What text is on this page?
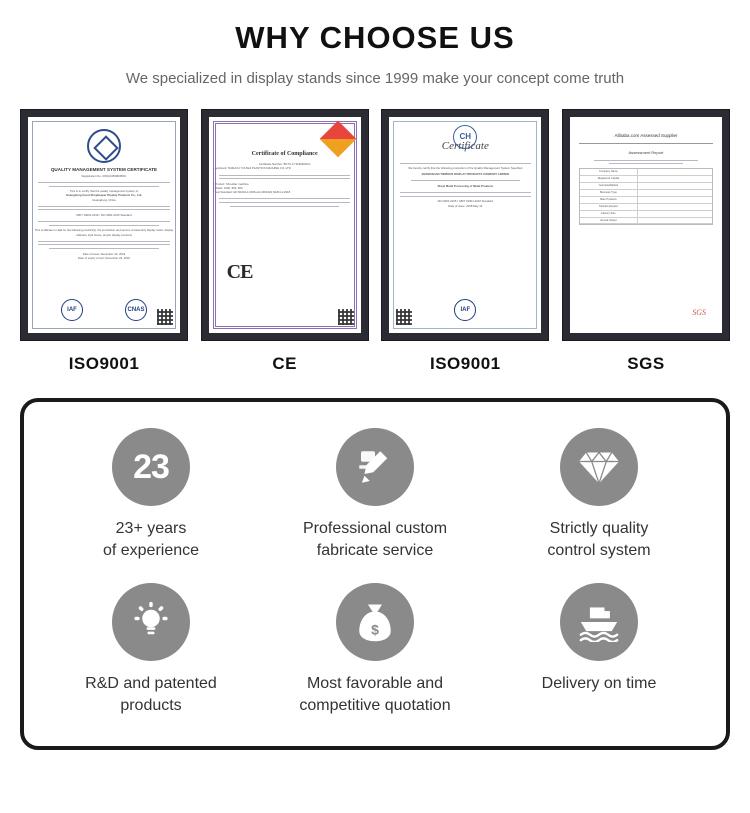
WHY CHOOSE US
We specialized in display stands since 1999 make your concept come truth
QUALITY MANAGEMENT SYSTEM CERTIFICATE
Registration No. 03SQ1450M0350C
This is to certify that the quality management system of
Guangdong Good Shopkeeper Display Products Co., Ltd.
Guangdong, China
GB/T 19001-2016 / ISO 9001:2015 Standard
This certificate is valid for the following product(s): the production and service of assembly display racks, display cabinets, light boxes, acrylic display products
Date of issue: December 24, 2019
Date of expiry of cert: December 23, 2022
IAF	CNAS
ISO9001

Certificate of Compliance
Certificate Number: BCTC-FY1190603GC
Applicant: TAIZHOU YOUSHI PLASTICS MACHINE CO.,LTD
Product: Shredder machine
Model: 1000, 800, 600
Test Standard: EN 60204-1:2006+A1:2009 EN 60204-1:2018
CE
CE
CH
Certificate
We hereby certify that the following production of the Quality Management System Specified
ZHONGSHAN TIEMIJUN DISPLAY PRODUCTS COMPANY LIMITED
Sheet Metal Processing of Metal Products
ISO 9001:2015 / GB/T 19001-2016 Standard
Date of issue: 2018 May 12
IAF
ISO9001
Alibaba.com Assessed Supplier
Assessment Report
Company Name

Registered Capital

Year Established

Business Type

Main Products

Total Employees

Factory Size

Annual Output

SGS
SGS
23
23+ years
of experience
Professional custom
fabricate service
Strictly quality
control system
R&D and patented
products
$
Most favorable and
competitive quotation
Delivery on time
